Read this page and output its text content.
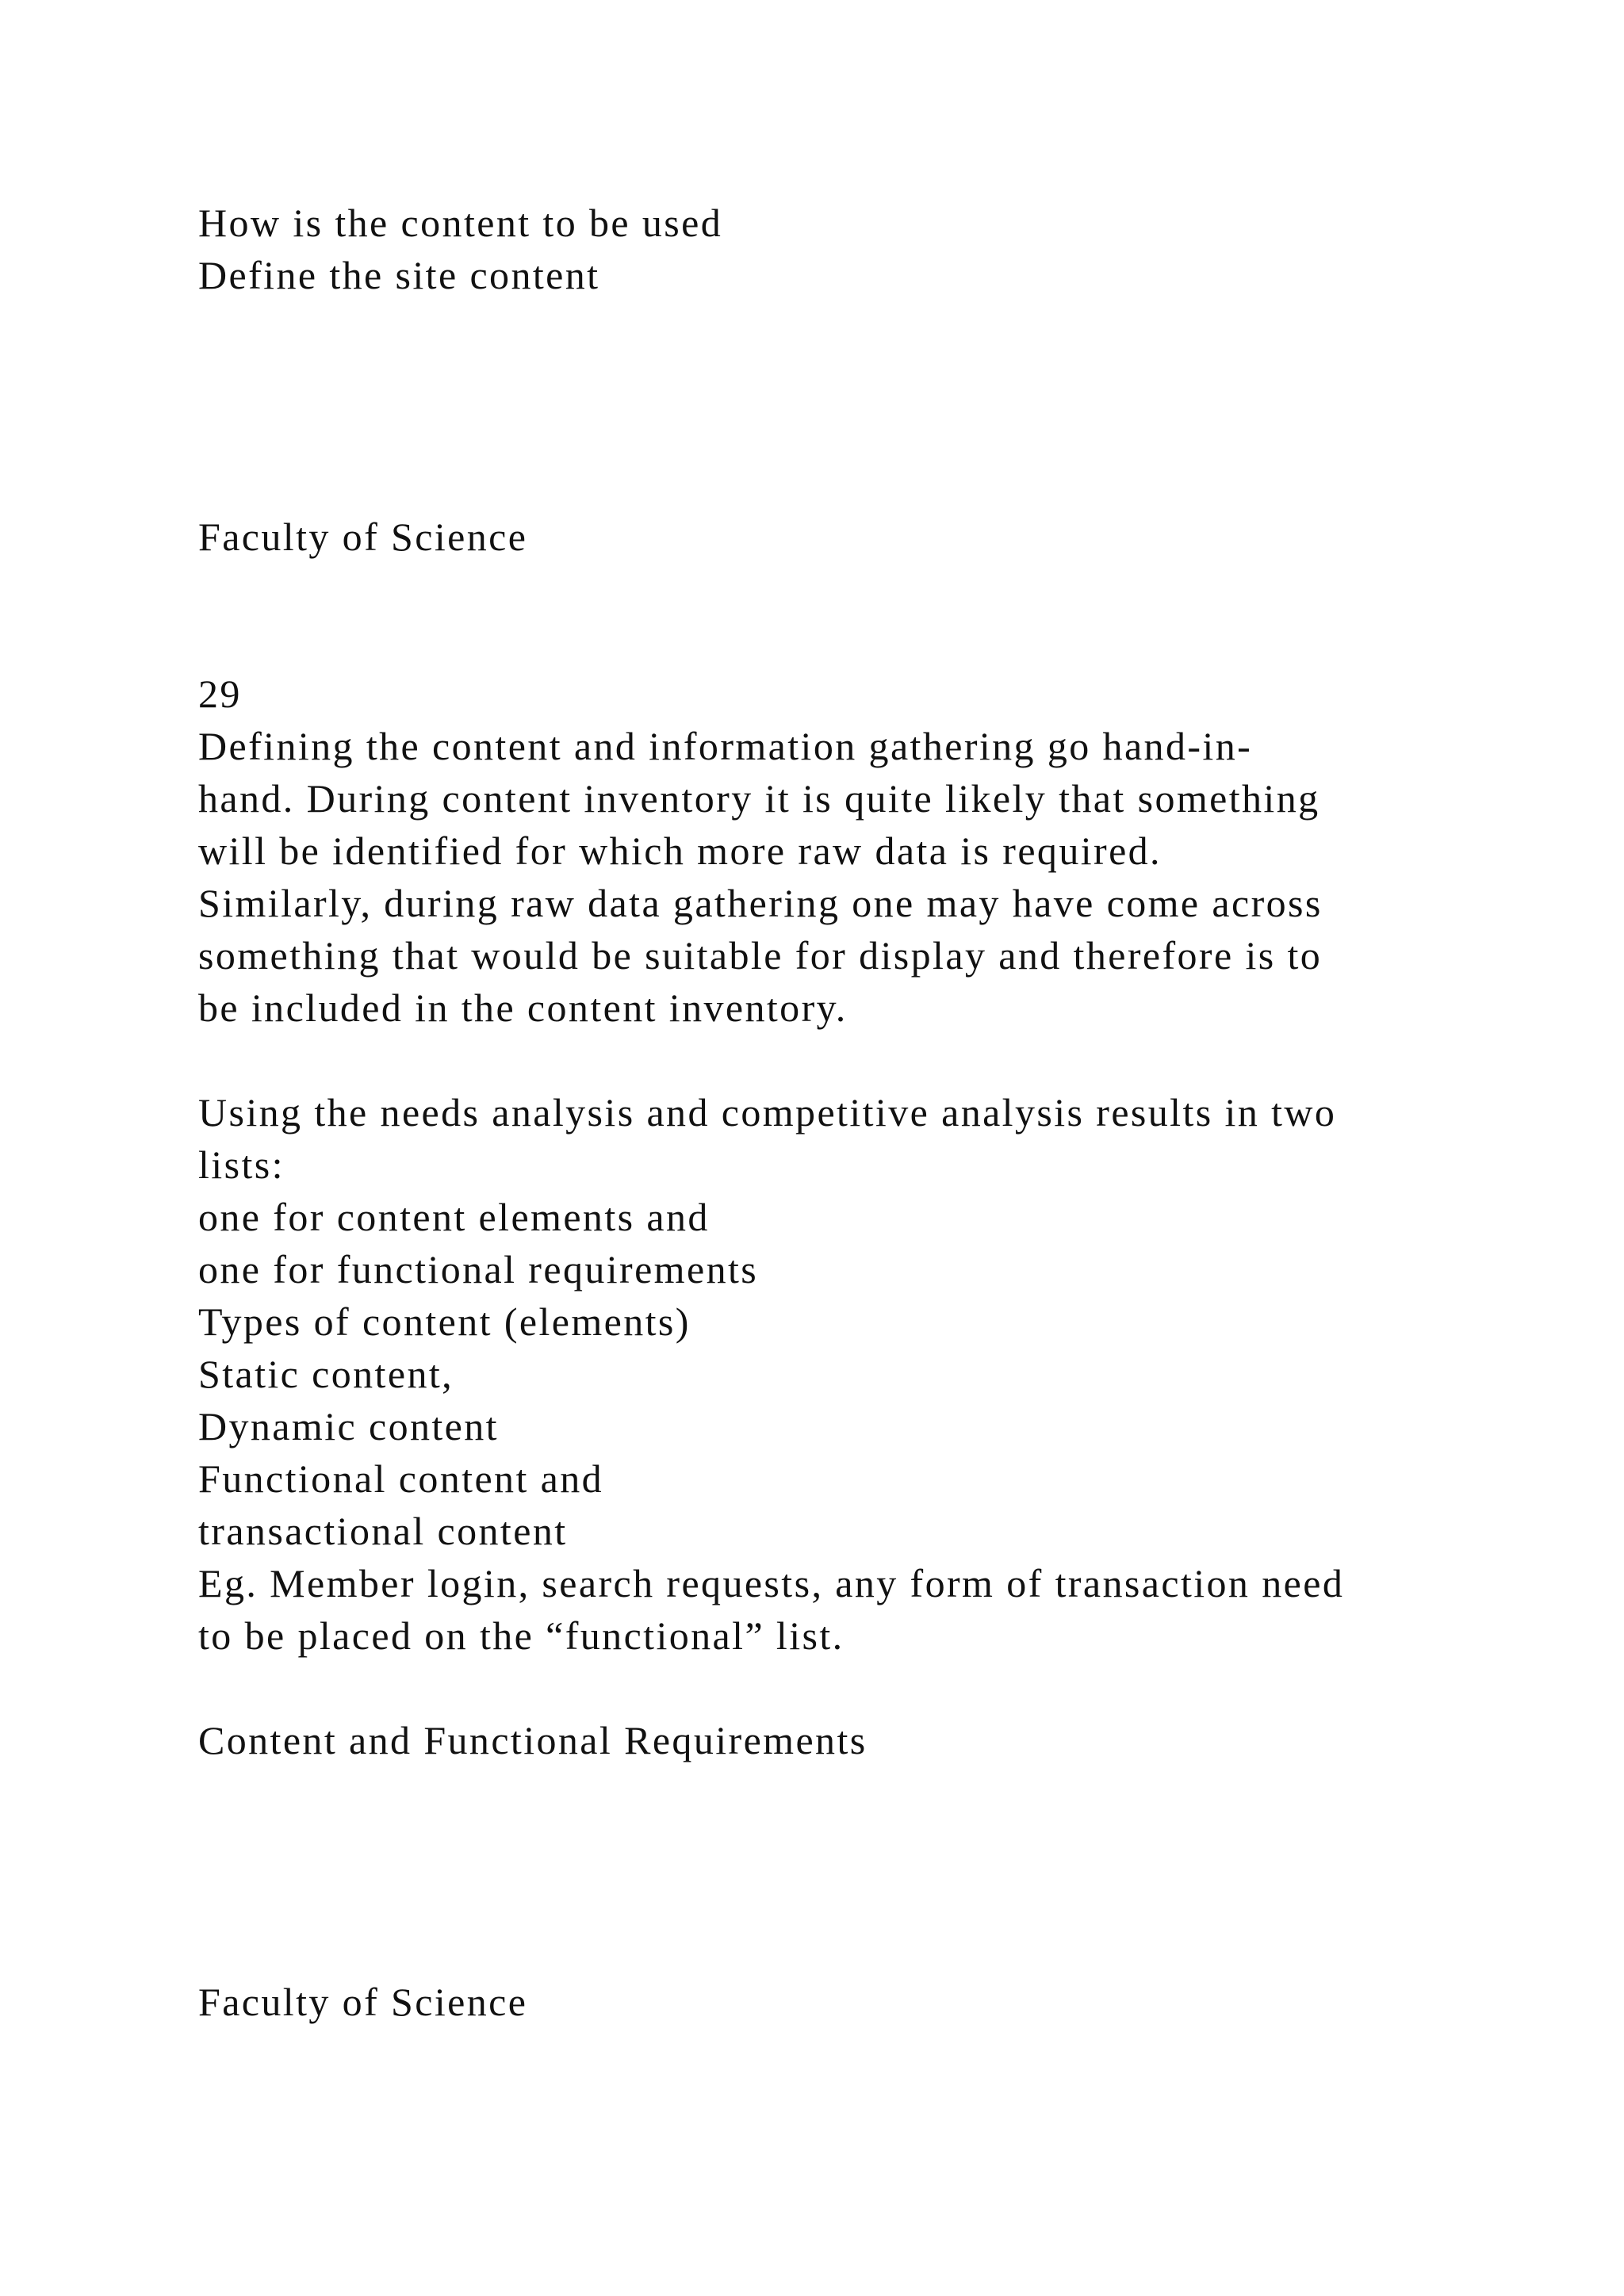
How is the content to be used

Define the site content

Faculty of Science

29

Defining the content and information gathering go hand-in-

hand. During content inventory it is quite likely that something

will be identified for which more raw data is required.

Similarly, during raw data gathering one may have come across

something that would be suitable for display and therefore is to

be included in the content inventory.

Using the needs analysis and competitive analysis results in two

lists:

one for content elements and

one for functional requirements

Types of content (elements)

Static content,

Dynamic content

Functional content and

transactional content

Eg. Member login, search requests, any form of transaction need

to be placed on the “functional” list.

Content and Functional Requirements

Faculty of Science
